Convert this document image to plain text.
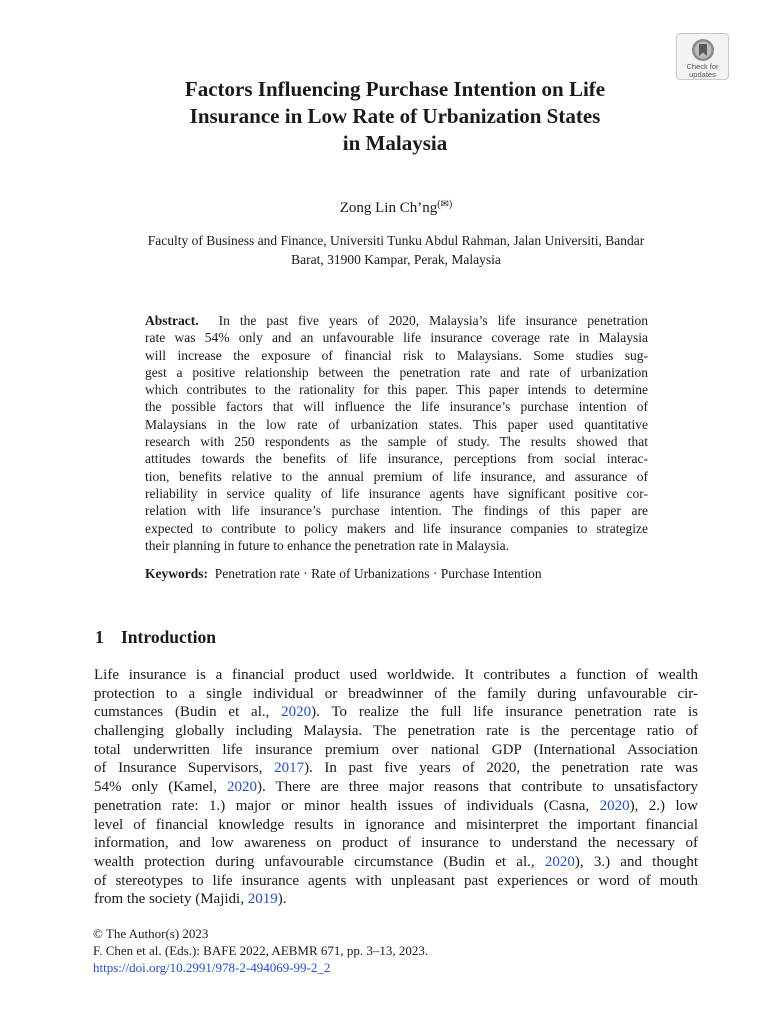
Check for
updates
Factors Influencing Purchase Intention on Life
Insurance in Low Rate of Urbanization States
in Malaysia
Zong Lin Ch’ng(✉)
Faculty of Business and Finance, Universiti Tunku Abdul Rahman, Jalan Universiti, Bandar
Barat, 31900 Kampar, Perak, Malaysia
Abstract. In the past five years of 2020, Malaysia’s life insurance penetration
rate was 54% only and an unfavourable life insurance coverage rate in Malaysia
will increase the exposure of financial risk to Malaysians. Some studies sug-
gest a positive relationship between the penetration rate and rate of urbanization
which contributes to the rationality for this paper. This paper intends to determine
the possible factors that will influence the life insurance’s purchase intention of
Malaysians in the low rate of urbanization states. This paper used quantitative
research with 250 respondents as the sample of study. The results showed that
attitudes towards the benefits of life insurance, perceptions from social interac-
tion, benefits relative to the annual premium of life insurance, and assurance of
reliability in service quality of life insurance agents have significant positive cor-
relation with life insurance’s purchase intention. The findings of this paper are
expected to contribute to policy makers and life insurance companies to strategize
their planning in future to enhance the penetration rate in Malaysia.
Keywords: Penetration rate · Rate of Urbanizations · Purchase Intention
1 Introduction
Life insurance is a financial product used worldwide. It contributes a function of wealth
protection to a single individual or breadwinner of the family during unfavourable cir-
cumstances (Budin et al., 2020). To realize the full life insurance penetration rate is
challenging globally including Malaysia. The penetration rate is the percentage ratio of
total underwritten life insurance premium over national GDP (International Association
of Insurance Supervisors, 2017). In past five years of 2020, the penetration rate was
54% only (Kamel, 2020). There are three major reasons that contribute to unsatisfactory
penetration rate: 1.) major or minor health issues of individuals (Casna, 2020), 2.) low
level of financial knowledge results in ignorance and misinterpret the important financial
information, and low awareness on product of insurance to understand the necessary of
wealth protection during unfavourable circumstance (Budin et al., 2020), 3.) and thought
of stereotypes to life insurance agents with unpleasant past experiences or word of mouth
from the society (Majidi, 2019).
© The Author(s) 2023
F. Chen et al. (Eds.): BAFE 2022, AEBMR 671, pp. 3–13, 2023.
https://doi.org/10.2991/978-2-494069-99-2_2
